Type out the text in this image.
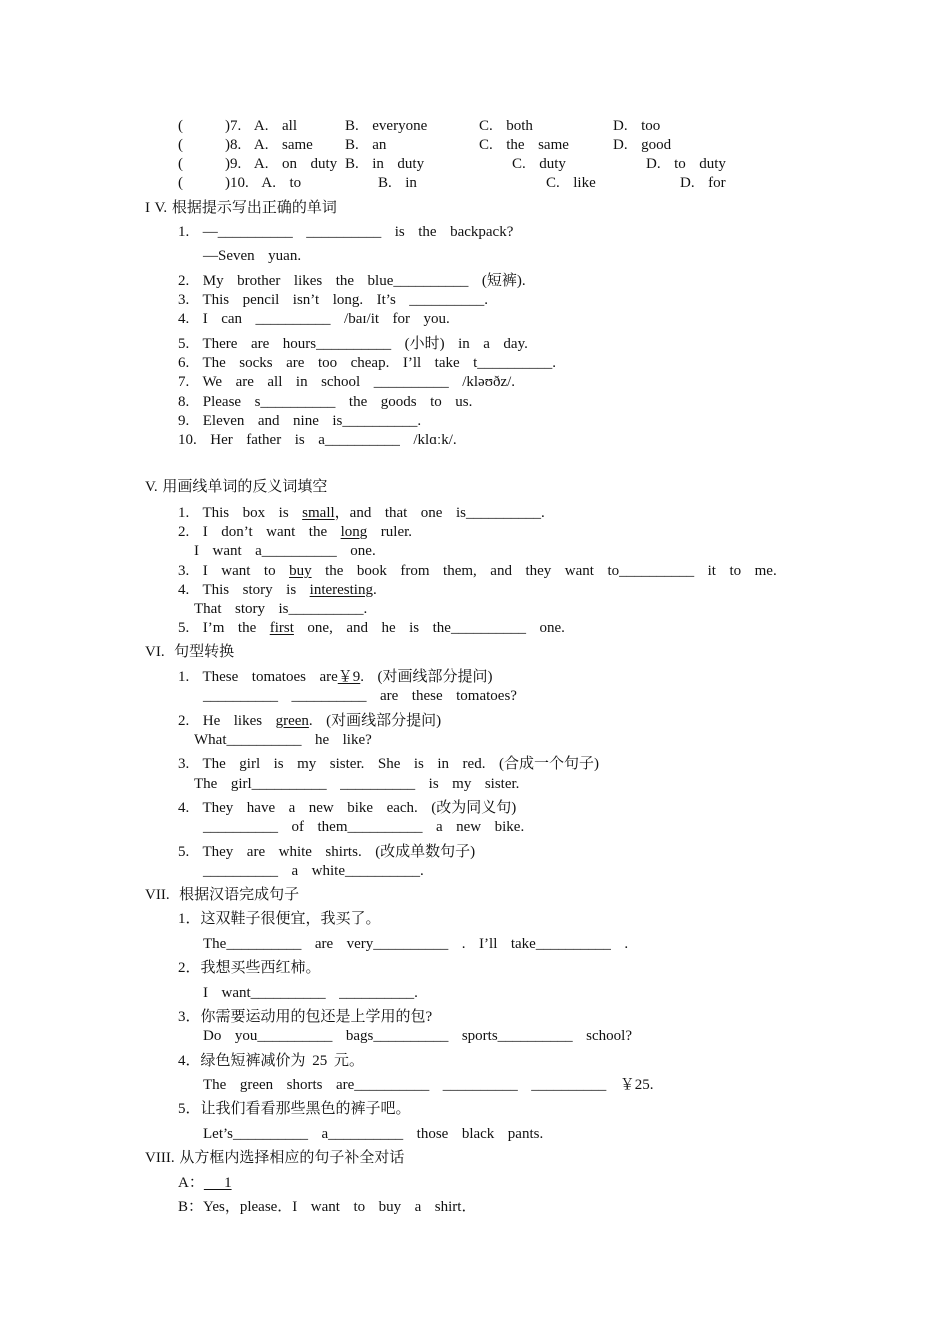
(	)7.  A.  all	B.  everyone	C.  both	D.  too
(	)8.  A.  same B.  an	C.  the  same	D.  good
(	)9.  A.  on  duty B.  in  duty	C.  duty	D.  to  duty
(	)10.  A.  to	B.  in	C.  like	D.  for
I V. 根据提示写出正确的单词
1.  —__________  __________  is  the  backpack?
—Seven  yuan.
2.  My  brother  likes  the  blue__________  (短裤).
3.  This  pencil  isn’t  long.  It’s  __________.
4.  I  can  __________  /baɪ/it  for  you.
5.  There  are  hours__________  (小时)  in  a  day.
6.  The  socks  are  too  cheap.  I’ll  take  t__________.
7.  We  are  all  in  school  __________  /kləʊðz/.
8.  Please  s__________  the  goods  to  us.
9.  Eleven  and  nine  is__________.
10.  Her  father  is  a__________  /klɑːk/.
V. 用画线单词的反义词填空
1.  This  box  is  small，and  that  one  is__________.
2.  I  don’t  want  the  long  ruler.
I  want  a__________  one.
3.  I  want  to  buy  the  book  from  them,  and  they  want  to__________  it  to  me.
4.  This  story  is  interesting.
That  story  is__________.
5.  I’m  the  first  one,  and  he  is  the__________  one.
VI.  句型转换
1.  These  tomatoes  are￥9.  (对画线部分提问)
__________  __________  are  these  tomatoes?
2.  He  likes  green.  (对画线部分提问)
What__________  he  like?
3.  The  girl  is  my  sister.  She  is  in  red.  (合成一个句子)
The  girl__________  __________  is  my  sister.
4.  They  have  a  new  bike  each.  (改为同义句)
__________  of  them__________  a  new  bike.
5.  They  are  white  shirts.  (改成单数句子)
__________  a  white__________.
VII.  根据汉语完成句子
1．这双鞋子很便宜，我买了。
The__________  are  very__________  .  I’ll  take__________  .
2．我想买些西红柿。
I  want__________  __________.
3．你需要运动用的包还是上学用的包?
Do  you__________  bags__________  sports__________  school?
4．绿色短裤减价为 25 元。
The  green  shorts  are__________  __________  __________  ￥25.
5．让我们看看那些黑色的裤子吧。
Let’s__________  a__________  those  black  pants.
VIII. 从方框内选择相应的句子补全对话
A：   1
B：Yes，please．I  want  to  buy  a  shirt．
